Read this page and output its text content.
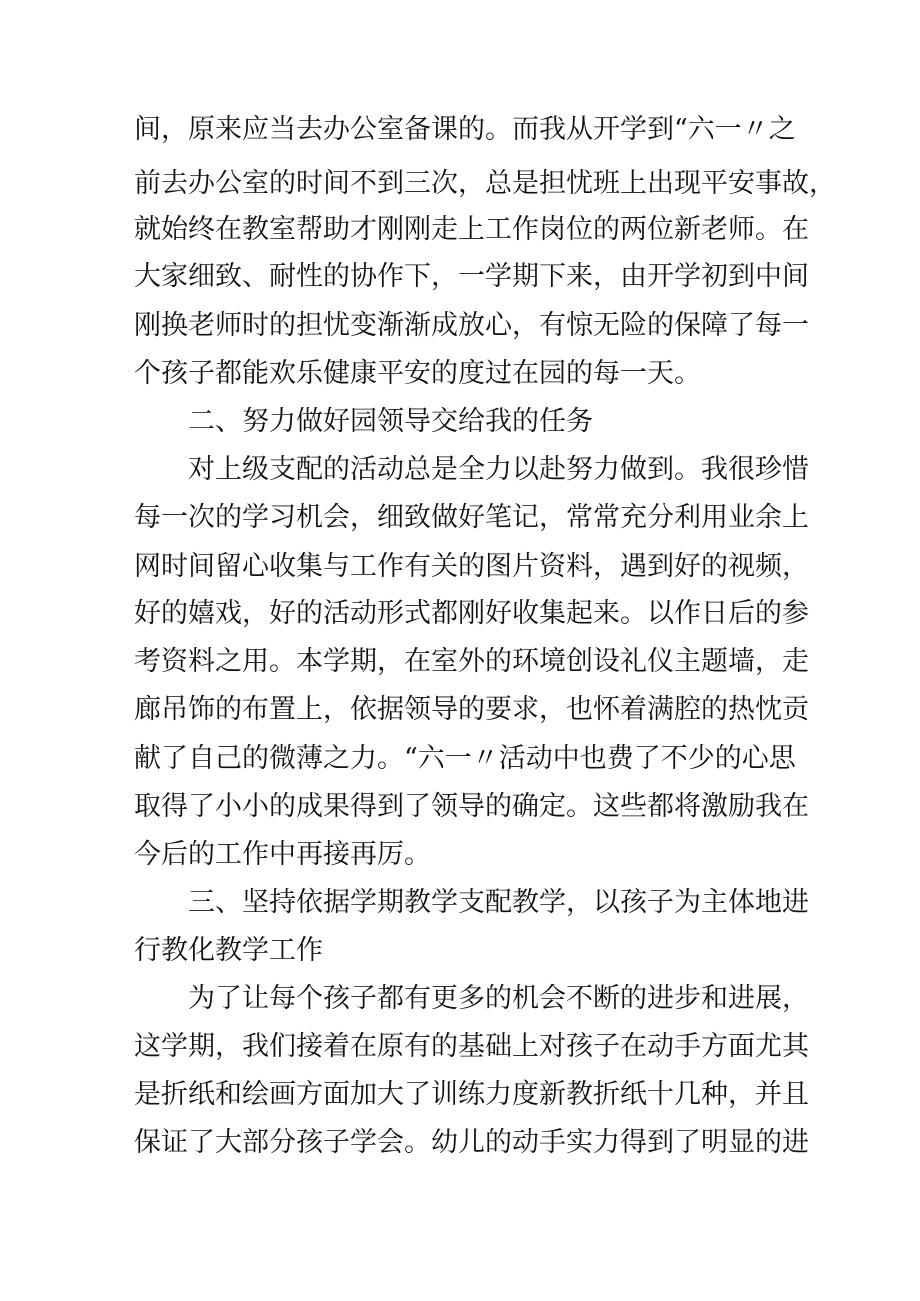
间，原来应当去办公室备课的。而我从开学到“六一〃之

前去办公室的时间不到三次，总是担忧班上出现平安事故，

就始终在教室帮助才刚刚走上工作岗位的两位新老师。在

大家细致、耐性的协作下，一学期下来，由开学初到中间

刚换老师时的担忧变渐渐成放心，有惊无险的保障了每一

个孩子都能欢乐健康平安的度过在园的每一天。

二、努力做好园领导交给我的任务

对上级支配的活动总是全力以赴努力做到。我很珍惜

每一次的学习机会，细致做好笔记，常常充分利用业余上

网时间留心收集与工作有关的图片资料，遇到好的视频，

好的嬉戏，好的活动形式都刚好收集起来。以作日后的参

考资料之用。本学期，在室外的环境创设礼仪主题墙，走

廊吊饰的布置上，依据领导的要求，也怀着满腔的热忱贡

献了自己的微薄之力。“六一〃活动中也费了不少的心思

取得了小小的成果得到了领导的确定。这些都将激励我在

今后的工作中再接再厉。

三、坚持依据学期教学支配教学，以孩子为主体地进

行教化教学工作

为了让每个孩子都有更多的机会不断的进步和进展，

这学期，我们接着在原有的基础上对孩子在动手方面尤其

是折纸和绘画方面加大了训练力度新教折纸十几种，并且

保证了大部分孩子学会。幼儿的动手实力得到了明显的进
